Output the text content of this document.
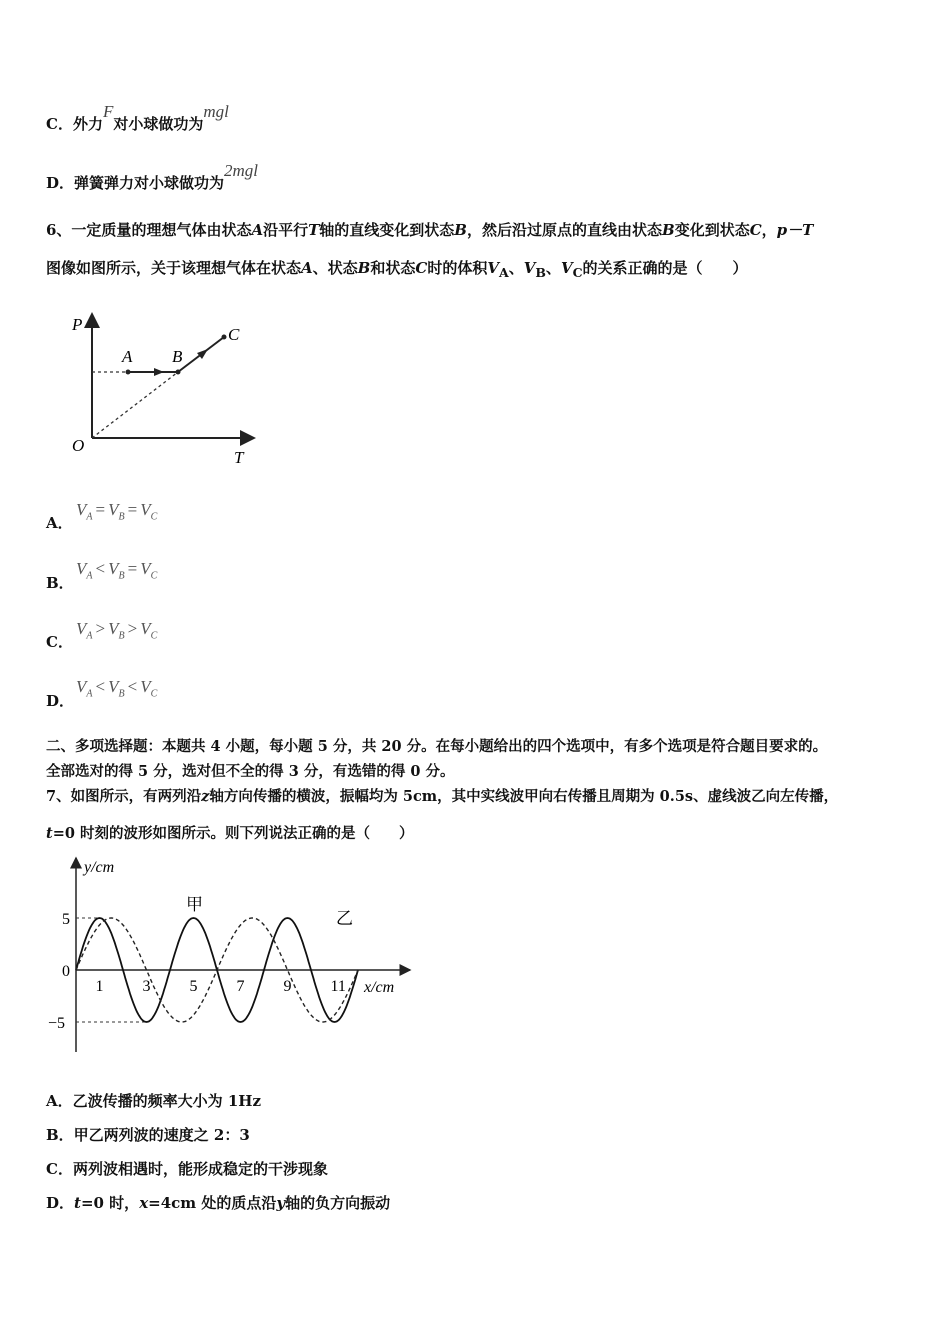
C．外力F对小球做功为mgl
D．弹簧弹力对小球做功为2mgl
6、一定质量的理想气体由状态A沿平行T轴的直线变化到状态B，然后沿过原点的直线由状态B变化到状态C，p－T
图像如图所示，关于该理想气体在状态A、状态B和状态C时的体积$V_A$、$V_B$、$V_C$的关系正确的是（　　）
P
T
O
A B
C
A．
$V_A = V_B = V_C$
B．
$V_A < V_B = V_C$
C．
$V_A > V_B > V_C$
D．
$V_A < V_B < V_C$
二、多项选择题：本题共 4 小题，每小题 5 分，共 20 分。在每小题给出的四个选项中，有多个选项是符合题目要求的。
全部选对的得 5 分，选对但不全的得 3 分，有选错的得 0 分。
7、如图所示，有两列沿z轴方向传播的横波，振幅均为 5cm，其中实线波甲向右传播且周期为 0.5s、虚线波乙向左传播，
t=0 时刻的波形如图所示。则下列说法正确的是（　　）
y/cm
x/cm
甲
乙
5
0
−5
1 3 5 7 9 11
A．乙波传播的频率大小为 1Hz
B．甲乙两列波的速度之 2：3
C．两列波相遇时，能形成稳定的干涉现象
D．t=0 时，x=4cm 处的质点沿y轴的负方向振动
